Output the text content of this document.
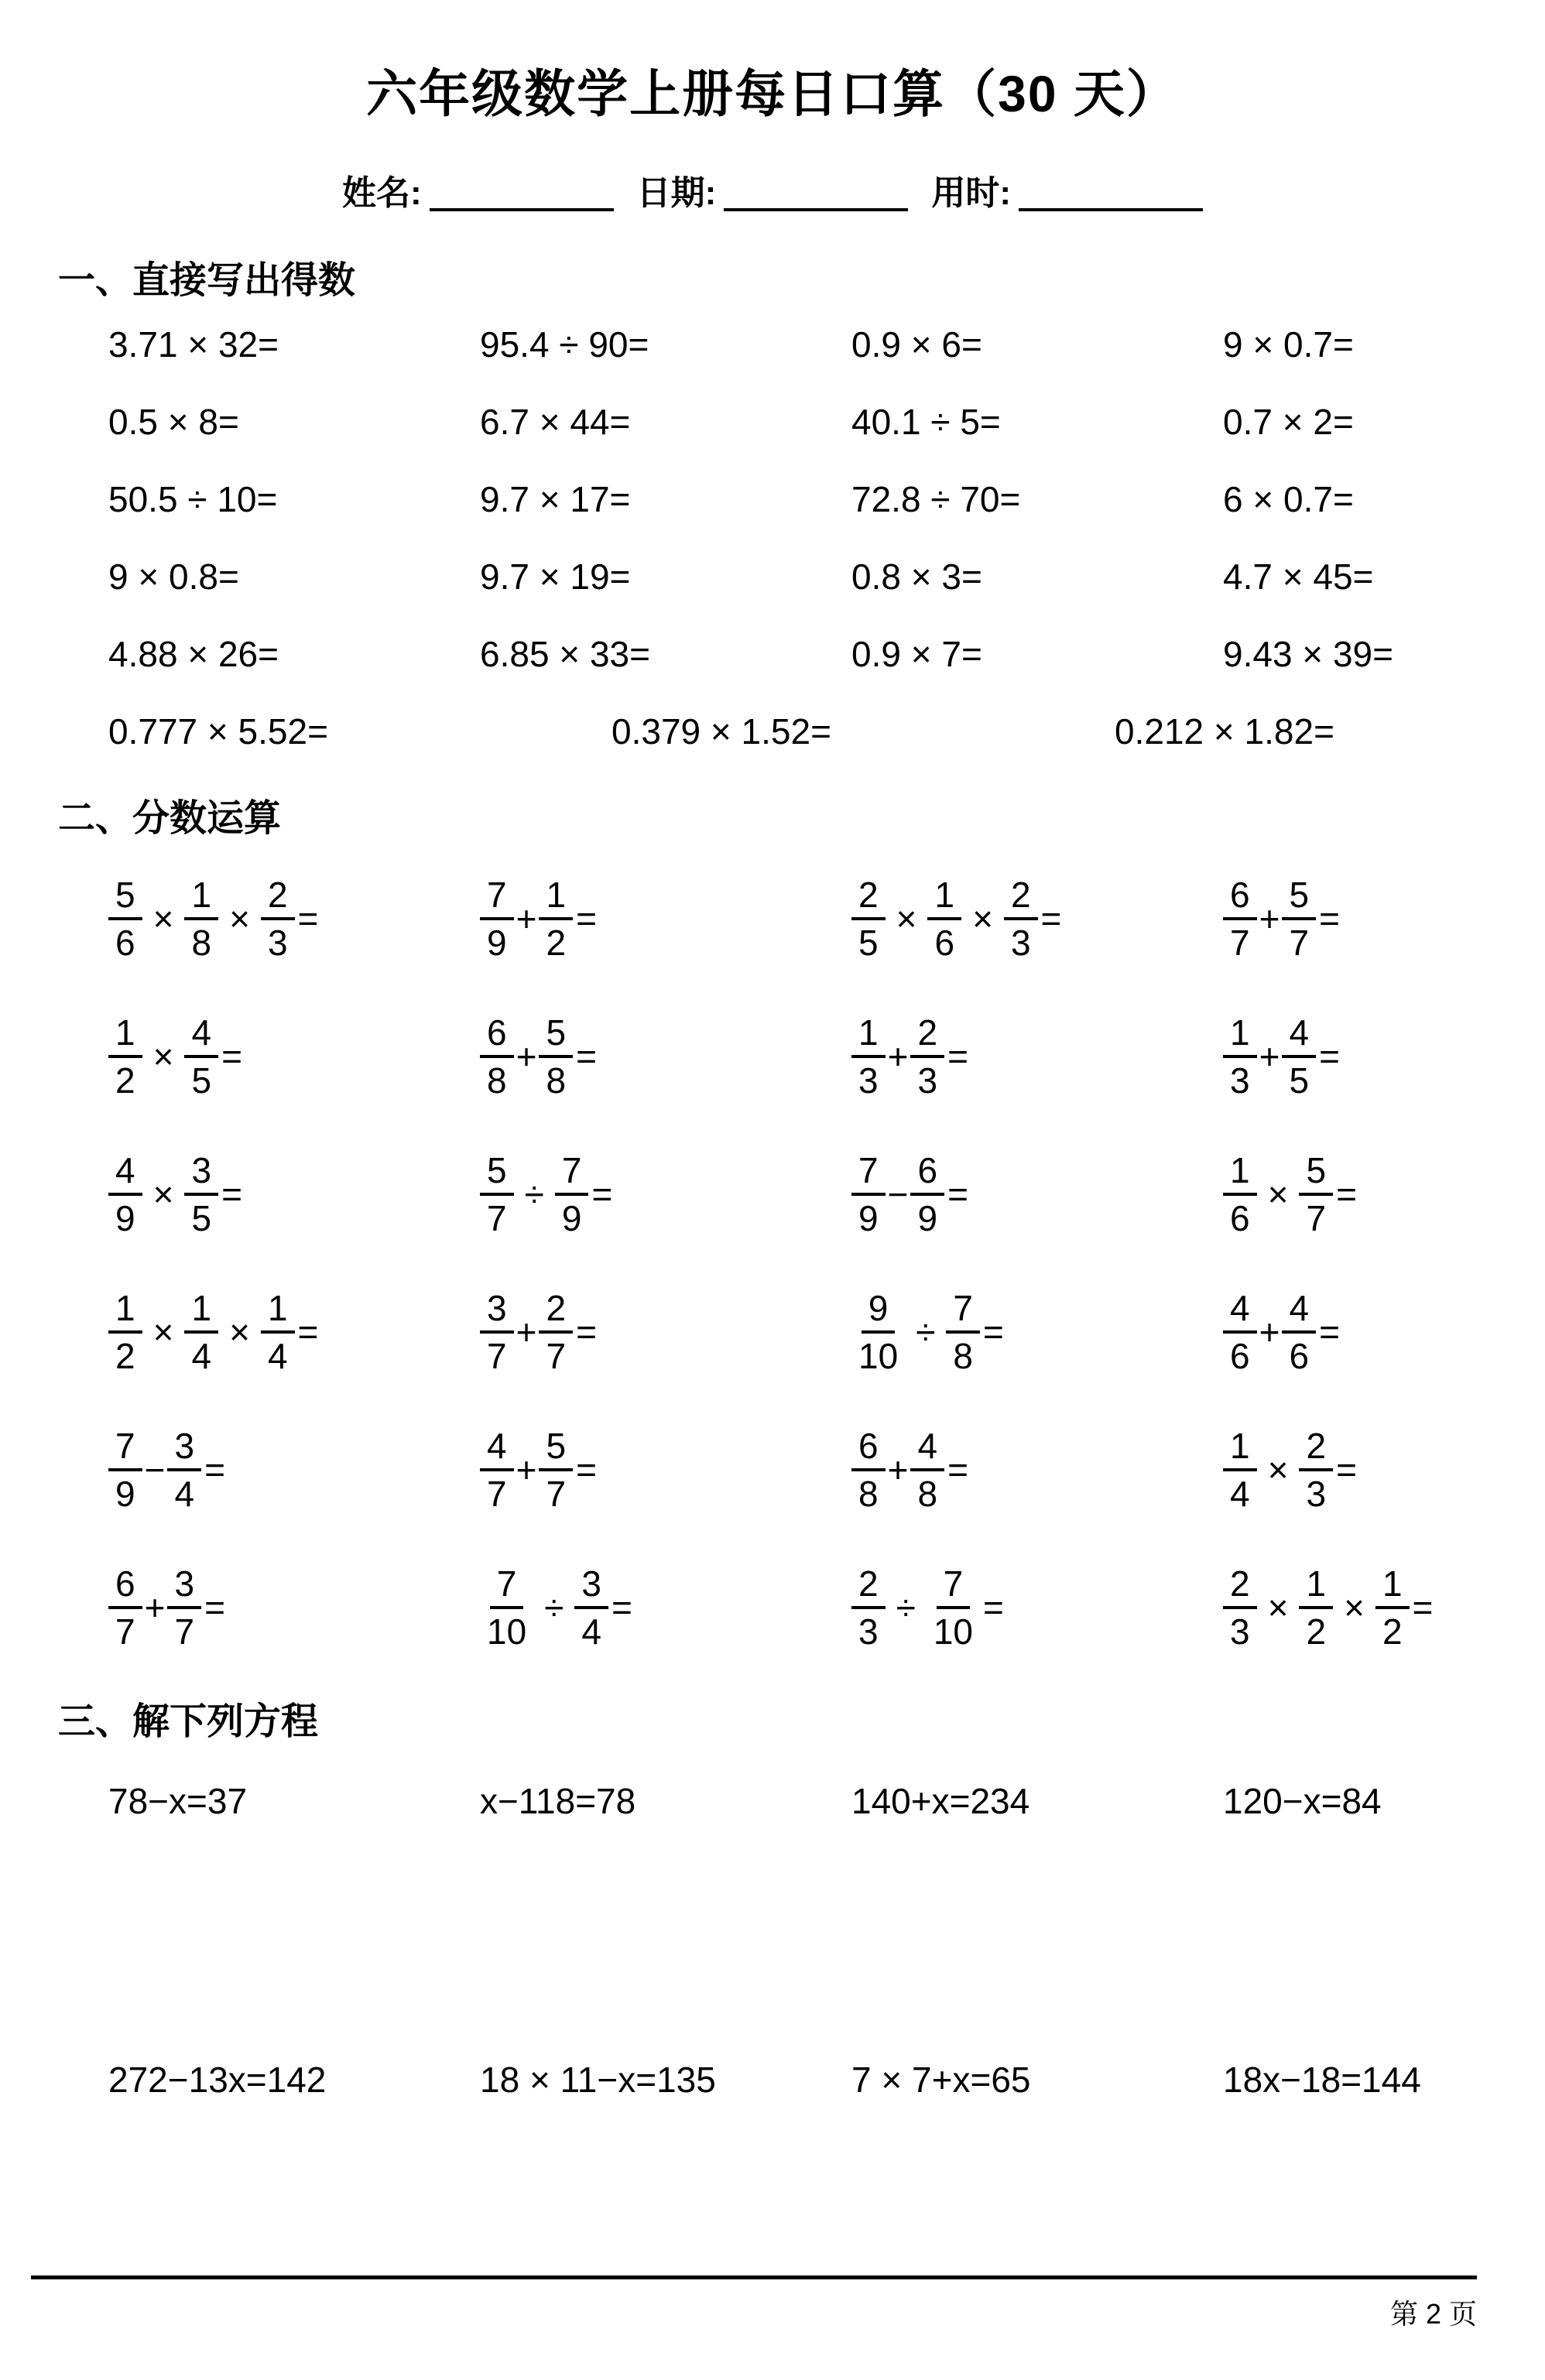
六年级数学上册每日口算（30 天）
姓名:	日期:	用时:
一、直接写出得数
3.71 × 32=	95.4 ÷ 90=	0.9 × 6=	9 × 0.7=
0.5 × 8=	6.7 × 44=	40.1 ÷ 5=	0.7 × 2=
50.5 ÷ 10=	9.7 × 17=	72.8 ÷ 70=	6 × 0.7=
9 × 0.8=	9.7 × 19=	0.8 × 3=	4.7 × 45=
4.88 × 26=	6.85 × 33=	0.9 × 7=	9.43 × 39=
0.777 × 5.52=	0.379 × 1.52=	0.212 × 1.82=
二、分数运算
$\frac{5}{6} \times \frac{1}{8} \times \frac{2}{3}$ =	$\frac{7}{9} + \frac{1}{2}$ =	$\frac{2}{5} \times \frac{1}{6} \times \frac{2}{3}$ =	$\frac{6}{7} + \frac{5}{7}$ =
$\frac{1}{2} \times \frac{4}{5}$ =	$\frac{6}{8} + \frac{5}{8}$ =	$\frac{1}{3} + \frac{2}{3}$ =	$\frac{1}{3} + \frac{4}{5}$ =
$\frac{4}{9} \times \frac{3}{5}$ =	$\frac{5}{7} \div \frac{7}{9}$ =	$\frac{7}{9} - \frac{6}{9}$ =	$\frac{1}{6} \times \frac{5}{7}$ =
$\frac{1}{2} \times \frac{1}{4} \times \frac{1}{4}$ =	$\frac{3}{7} + \frac{2}{7}$ =	$\frac{9}{10} \div \frac{7}{8}$ =	$\frac{4}{6} + \frac{4}{6}$ =
$\frac{7}{9} - \frac{3}{4}$ =	$\frac{4}{7} + \frac{5}{7}$ =	$\frac{6}{8} + \frac{4}{8}$ =	$\frac{1}{4} \times \frac{2}{3}$ =
$\frac{6}{7} + \frac{3}{7}$ =	$\frac{7}{10} \div \frac{3}{4}$ =	$\frac{2}{3} \div \frac{7}{10}$ =	$\frac{2}{3} \times \frac{1}{2} \times \frac{1}{2}$ =
三、解下列方程
78−x=37	x−118=78	140+x=234	120−x=84
272−13x=142	18 × 11−x=135	7 × 7+x=65	18x−18=144
第 2 页
